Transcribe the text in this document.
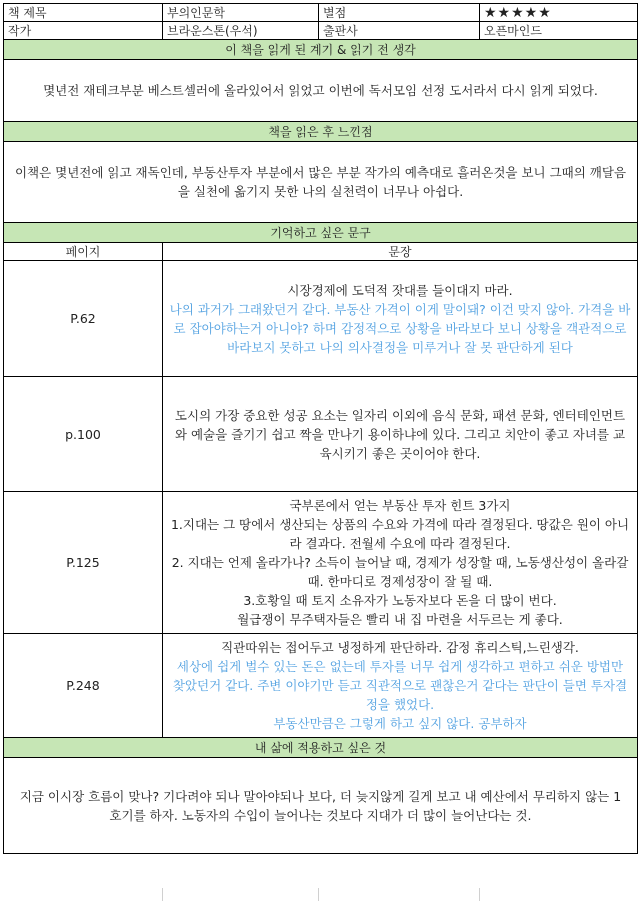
책 제목	부의인문학	별점	★★★★★
작가	브라운스톤(우석)	출판사	오픈마인드
이 책을 읽게 된 계기 & 읽기 전 생각			
몇년전 재테크부분 베스트셀러에 올라있어서 읽었고 이번에 독서모임 선정 도서라서 다시 읽게 되었다.			
책을 읽은 후 느낀점			
이책은 몇년전에 읽고 재독인데, 부동산투자 부분에서 많은 부분 작가의 예측대로 흘러온것을 보니 그때의 깨달음을 실천에 옮기지 못한 나의 실천력이 너무나 아쉽다.			
기억하고 싶은 문구			
페이지	문장		
P.62	시장경제에 도덕적 잣대를 들이대지 마라.
나의 과거가 그래왔던거 같다. 부동산 가격이 이게 말이돼? 이건 맞지 않아. 가격을 바로 잡아야하는거 아니야? 하며 감정적으로 상황을 바라보다 보니 상황을 객관적으로 바라보지 못하고 나의 의사결정을 미루거나 잘 못 판단하게 된다		

p.100	도시의 가장 중요한 성공 요소는 일자리 이외에 음식 문화, 패션 문화, 엔터테인먼트와 예술을 즐기기 쉽고 짝을 만나기 용이하냐에 있다. 그리고 치안이 좋고 자녀를 교육시키기 좋은 곳이어야 한다.		

P.125	국부론에서 얻는 부동산 투자 힌트 3가지
1.지대는 그 땅에서 생산되는 상품의 수요와 가격에 따라 결정된다. 땅값은 원이 아니라 결과다. 전월세 수요에 따라 결정된다.
2. 지대는 언제 올라가나? 소득이 늘어날 때, 경제가 성장할 때, 노동생산성이 올라갈 때. 한마디로 경제성장이 잘 될 때.
3.호황일 때 토지 소유자가 노동자보다 돈을 더 많이 번다.
월급쟁이 무주택자들은 빨리 내 집 마련을 서두르는 게 좋다.		

P.248	직관따위는 접어두고 냉정하게 판단하라. 감정 휴리스틱,느린생각.
세상에 쉽게 벌수 있는 돈은 없는데 투자를 너무 쉽게 생각하고 편하고 쉬운 방법만 찾았던거 같다. 주변 이야기만 듣고 직관적으로 괜찮은거 같다는 판단이 들면 투자결정을 했었다.
부동산만큼은 그렇게 하고 싶지 않다. 공부하자		

내 삶에 적용하고 싶은 것			
지금 이시장 흐름이 맞나? 기다려야 되나 말아야되나 보다, 더 늦지않게 길게 보고 내 예산에서 무리하지 않는 1호기를 하자. 노동자의 수입이 늘어나는 것보다 지대가 더 많이 늘어난다는 것.			
